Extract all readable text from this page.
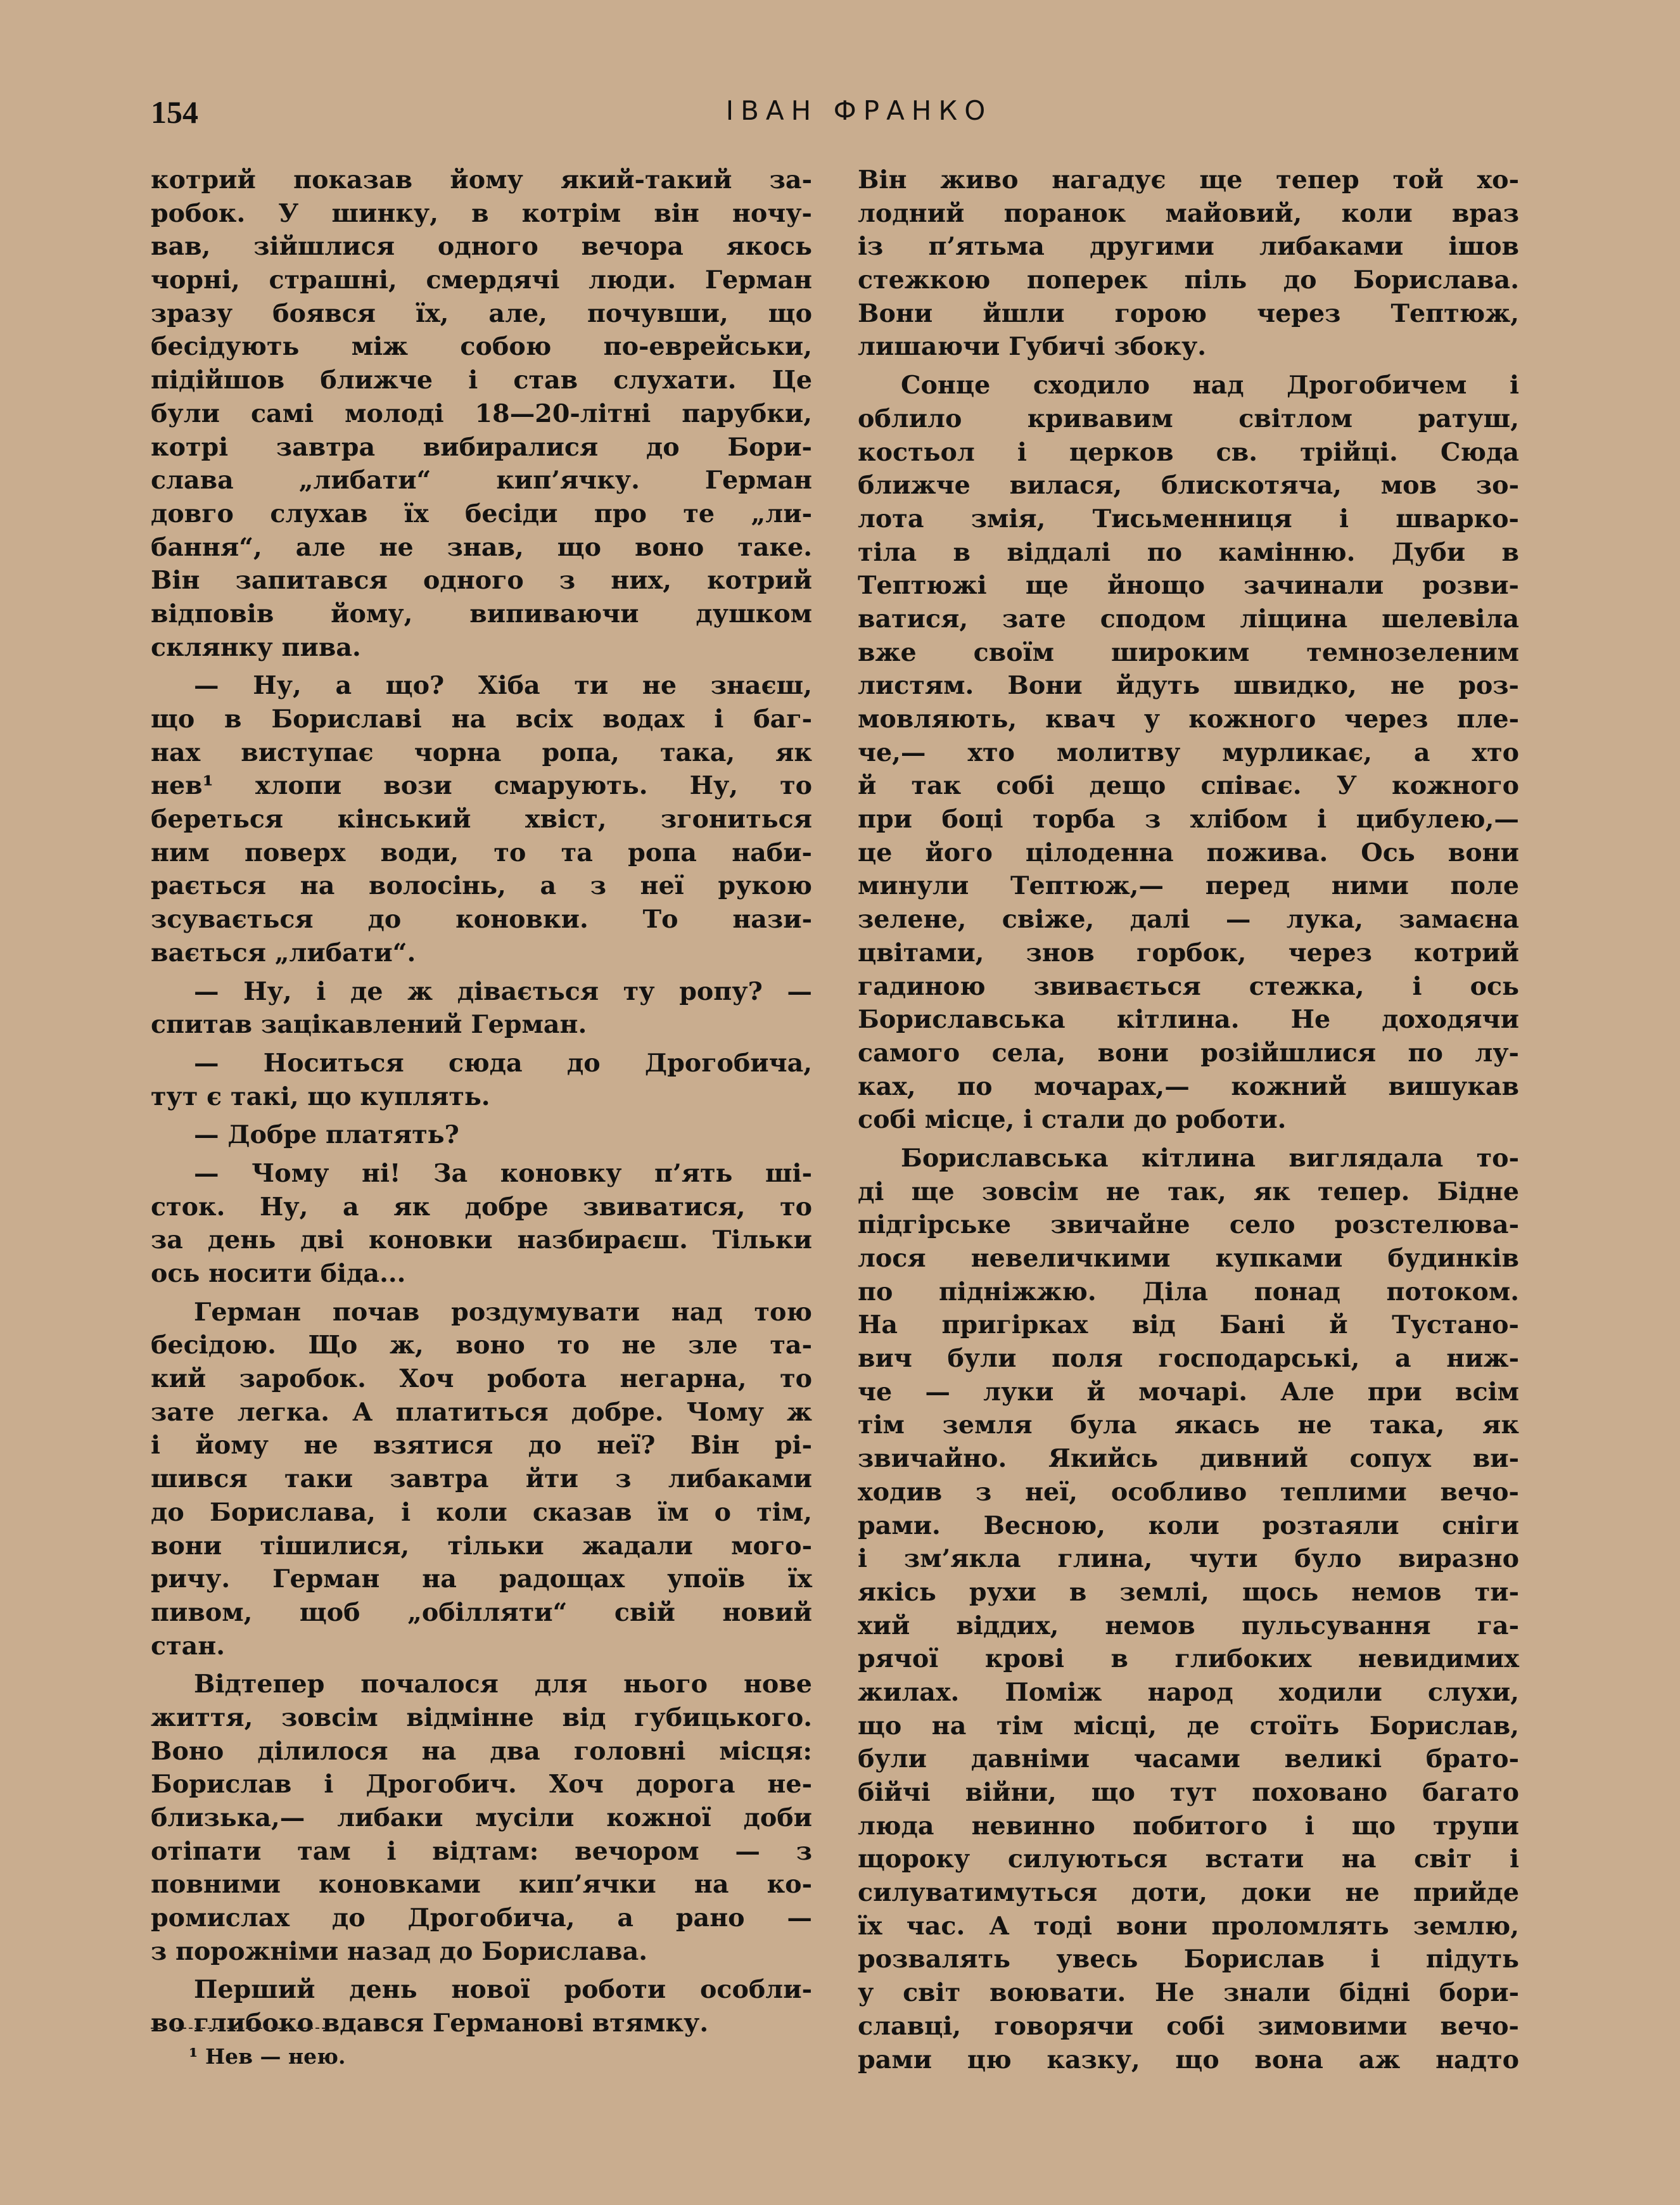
154	ІВАН ФРАНКО
котрий показав йому який-такий за-
робок. У шинку, в котрім він ночу-
вав, зійшлися одного вечора якось
чорні, страшні, смердячі люди. Герман
зразу боявся їх, але, почувши, що
бесідують між собою по-еврейськи,
підійшов ближче і став слухати. Це
були самі молоді 18—20-літні парубки,
котрі завтра вибиралися до Бори-
слава „либати“ кип’ячку. Герман
довго слухав їх бесіди про те „ли-
бання“, але не знав, що воно таке.
Він запитався одного з них, котрий
відповів йому, випиваючи душком
склянку пива.
— Ну, а що? Хіба ти не знаєш,
що в Бориславі на всіх водах і баг-
нах виступає чорна ропа, така, як
нев¹ хлопи вози смарують. Ну, то
береться кінський хвіст, згониться
ним поверх води, то та ропа наби-
рається на волосінь, а з неї рукою
зсувається до коновки. То нази-
вається „либати“.
— Ну, і де ж дівається ту ропу? —
спитав зацікавлений Герман.
— Носиться сюда до Дрогобича,
тут є такі, що куплять.
— Добре платять?
— Чому ні! За коновку п’ять ші-
сток. Ну, а як добре звиватися, то
за день дві коновки назбираєш. Тільки
ось носити біда...
Герман почав роздумувати над тою
бесідою. Що ж, воно то не зле та-
кий заробок. Хоч робота негарна, то
зате легка. А платиться добре. Чому ж
і йому не взятися до неї? Він рі-
шився таки завтра йти з либаками
до Борислава, і коли сказав їм о тім,
вони тішилися, тільки жадали мого-
ричу. Герман на радощах упоїв їх
пивом, щоб „обілляти“ свій новий
стан.
Відтепер почалося для нього нове
життя, зовсім відмінне від губицького.
Воно ділилося на два головні місця:
Борислав і Дрогобич. Хоч дорога не-
близька,— либаки мусіли кожної доби
отіпати там і відтам: вечором — з
повними коновками кип’ячки на ко-
ромислах до Дрогобича, а рано —
з порожніми назад до Борислава.
Перший день нової роботи особли-
во глибоко вдався Германові втямку.
Він живо нагадує ще тепер той хо-
лодний поранок майовий, коли враз
із п’ятьма другими либаками ішов
стежкою поперек піль до Борислава.
Вони йшли горою через Тептюж,
лишаючи Губичі збоку.
Сонце сходило над Дрогобичем і
облило кривавим світлом ратуш,
костьол і церков св. трійці. Сюда
ближче вилася, блискотяча, мов зо-
лота змія, Тисьменниця і шварко-
тіла в віддалі по камінню. Дуби в
Тептюжі ще йнощо зачинали розви-
ватися, зате сподом ліщина шелевіла
вже своїм широким темнозеленим
листям. Вони йдуть швидко, не роз-
мовляють, квач у кожного через пле-
че,— хто молитву мурликає, а хто
й так собі дещо співає. У кожного
при боці торба з хлібом і цибулею,—
це його цілоденна пожива. Ось вони
минули Тептюж,— перед ними поле
зелене, свіже, далі — лука, замаєна
цвітами, знов горбок, через котрий
гадиною звивається стежка, і ось
Бориславська кітлина. Не доходячи
самого села, вони розійшлися по лу-
ках, по мочарах,— кожний вишукав
собі місце, і стали до роботи.
Бориславська кітлина виглядала то-
ді ще зовсім не так, як тепер. Бідне
підгірське звичайне село розстелюва-
лося невеличкими купками будинків
по підніжжю. Діла понад потоком.
На пригірках від Бані й Тустано-
вич були поля господарські, а ниж-
че — луки й мочарі. Але при всім
тім земля була якась не така, як
звичайно. Якийсь дивний сопух ви-
ходив з неї, особливо теплими вечо-
рами. Весною, коли розтаяли сніги
і зм’якла глина, чути було виразно
якісь рухи в землі, щось немов ти-
хий віддих, немов пульсування га-
рячої крові в глибоких невидимих
жилах. Поміж народ ходили слухи,
що на тім місці, де стоїть Борислав,
були давніми часами великі брато-
бійчі війни, що тут поховано багато
люда невинно побитого і що трупи
щороку силуються встати на світ і
силуватимуться доти, доки не прийде
їх час. А тоді вони проломлять землю,
розвалять увесь Борислав і підуть
у світ воювати. Не знали бідні бори-
славці, говорячи собі зимовими вечо-
рами цю казку, що вона аж надто
¹ Нев — нею.
